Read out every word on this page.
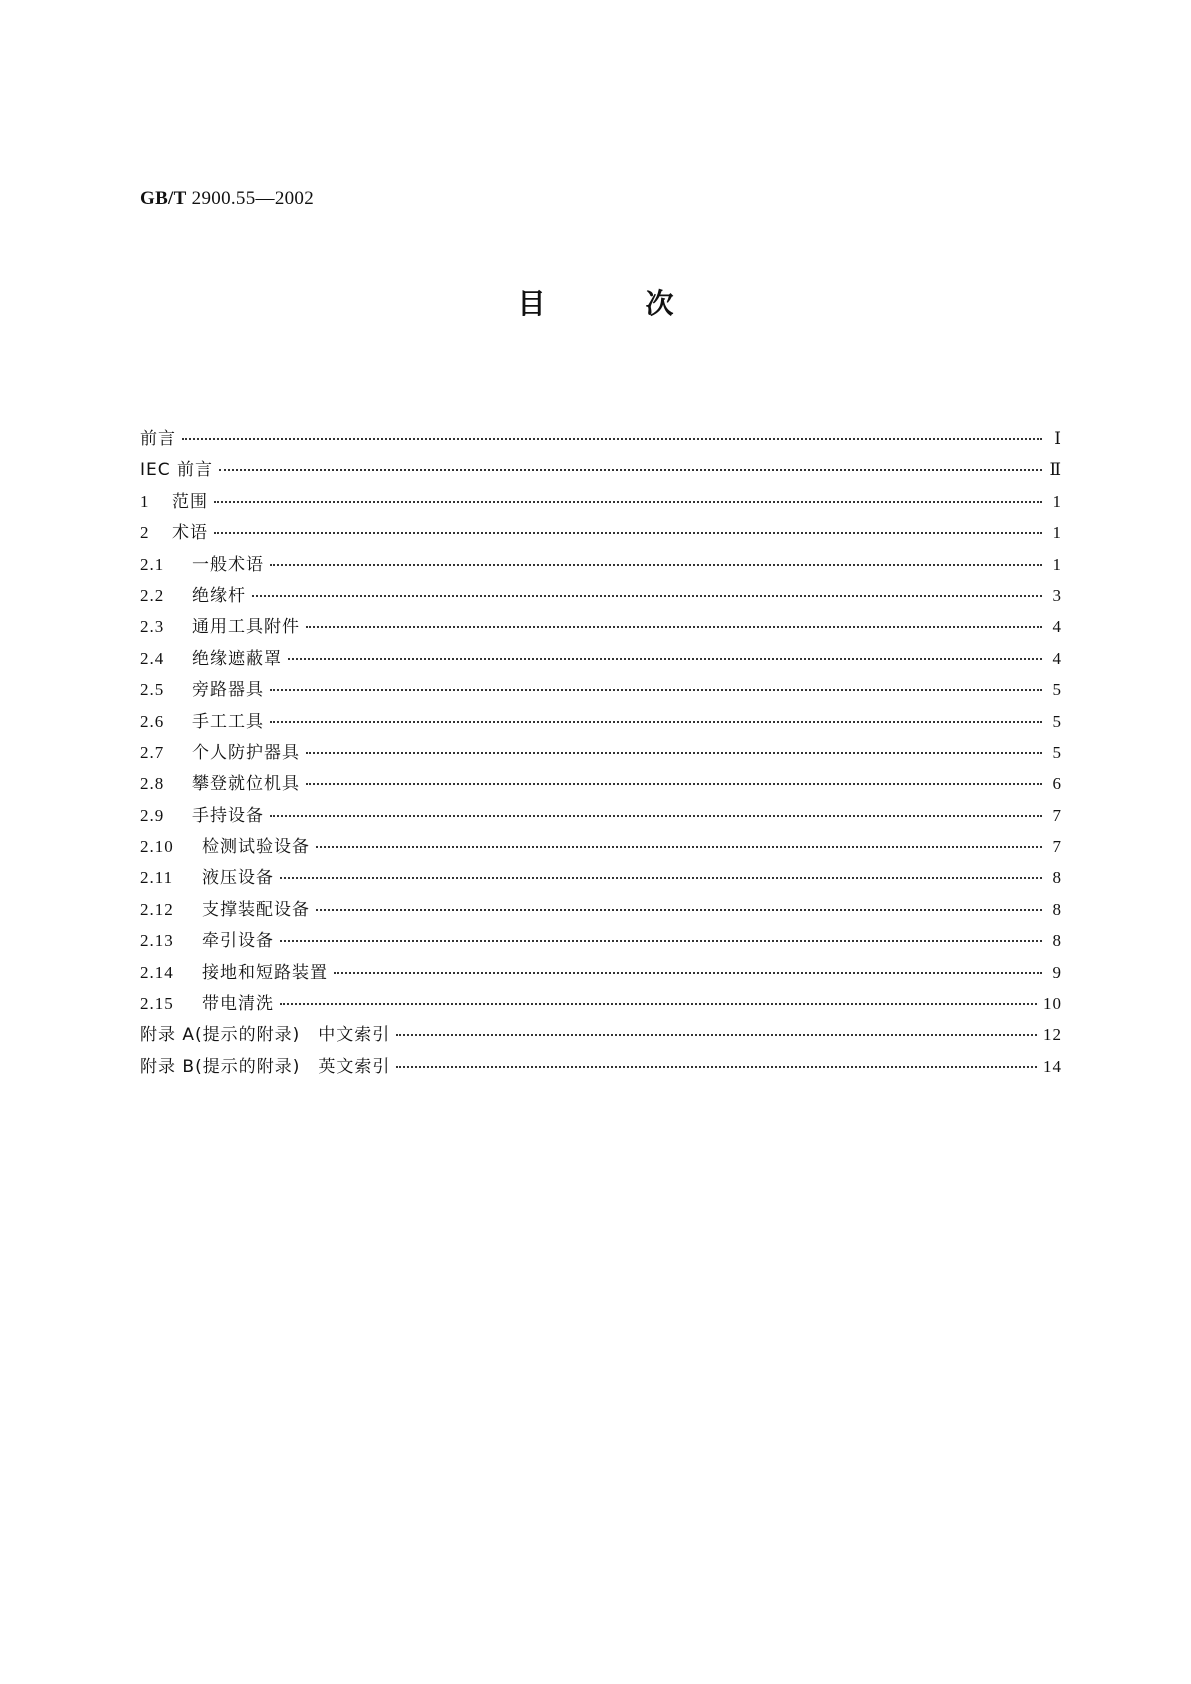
GB/T 2900.55—2002

目	次
前言	Ⅰ
IEC 前言	Ⅱ
1	范围	1
2	术语	1
2.1	一般术语	1
2.2	绝缘杆	3
2.3	通用工具附件	4
2.4	绝缘遮蔽罩	4
2.5	旁路器具	5
2.6	手工工具	5
2.7	个人防护器具	5
2.8	攀登就位机具	6
2.9	手持设备	7
2.10	检测试验设备	7
2.11	液压设备	8
2.12	支撑装配设备	8
2.13	牵引设备	8
2.14	接地和短路装置	9
2.15	带电清洗	10
附录 A(提示的附录)　中文索引	12
附录 B(提示的附录)　英文索引	14
